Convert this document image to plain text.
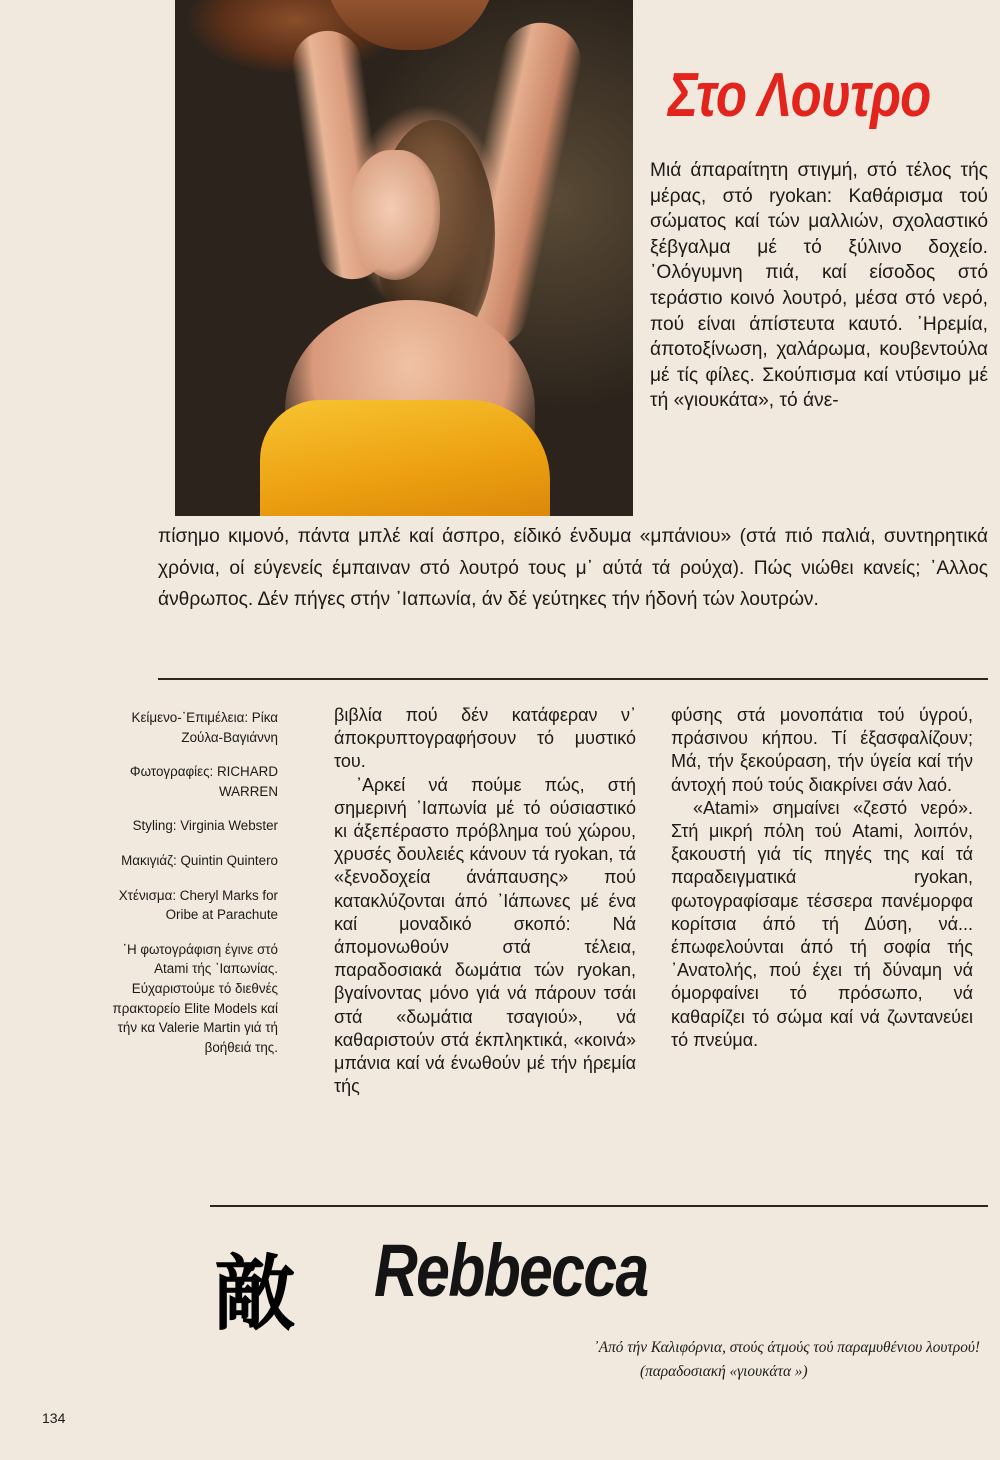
Στο Λουτρο

Μιά άπαραίτητη στιγμή, στό τέλος τής μέρας, στό ryokan: Καθάρισμα τού σώματος καί τών μαλλιών, σχολαστικό ξέβγαλμα μέ τό ξύλινο δοχείο. ᾿Ολόγυμνη πιά, καί είσοδος στό τεράστιο κοινό λουτρό, μέσα στό νερό, πού είναι άπίστευτα καυτό. ᾿Ηρεμία, άποτοξίνωση, χαλάρωμα, κουβεντούλα μέ τίς φίλες. Σκούπισμα καί ντύσιμο μέ τή «γιουκάτα», τό άνε-

πίσημο κιμονό, πάντα μπλέ καί άσπρο, είδικό ένδυμα «μπάνιου» (στά πιό παλιά, συντηρητικά χρόνια, οί εύγενείς έμπαιναν στό λουτρό τους μ᾿ αύτά τά ρούχα). Πώς νιώθει κανείς; ᾿Αλλος άνθρωπος. Δέν πήγες στήν ᾿Ιαπωνία, άν δέ γεύτηκες τήν ήδονή τών λουτρών.

Κείμενο-᾿Επιμέλεια: Ρίκα Ζούλα-Βαγιάννη

Φωτογραφίες: RICHARD WARREN

Styling: Virginia Webster

Μακιγιάζ: Quintin Quintero

Χτένισμα: Cheryl Marks for Oribe at Parachute

᾿Η φωτογράφιση έγινε στό Atami τής ᾿Ιαπωνίας. Εύχαριστούμε τό διεθνές πρακτορείο Elite Models καί τήν κα Valerie Martin γιά τή βοήθειά της.

βιβλία πού δέν κατάφεραν ν᾿ άποκρυπτογραφήσουν τό μυστικό του.

᾿Αρκεί νά πούμε πώς, στή σημερινή ᾿Ιαπωνία μέ τό ούσιαστικό κι άξεπέραστο πρόβλημα τού χώρου, χρυσές δουλειές κάνουν τά ryokan, τά «ξενοδοχεία άνάπαυσης» πού κατακλύζονται άπό ᾿Ιάπωνες μέ ένα καί μοναδικό σκοπό: Νά άπομονωθούν στά τέλεια, παραδοσιακά δωμάτια τών ryokan, βγαίνοντας μόνο γιά νά πάρουν τσάι στά «δωμάτια τσαγιού», νά καθαριστούν στά έκπληκτικά, «κοινά» μπάνια καί νά ένωθούν μέ τήν ήρεμία τής

φύσης στά μονοπάτια τού ύγρού, πράσινου κήπου. Τί έξασφαλίζουν; Μά, τήν ξεκούραση, τήν ύγεία καί τήν άντοχή πού τούς διακρίνει σάν λαό.

«Atami» σημαίνει «ζεστό νερό». Στή μικρή πόλη τού Atami, λοιπόν, ξακουστή γιά τίς πηγές της καί τά παραδειγματικά ryokan, φωτογραφίσαμε τέσσερα πανέμορφα κορίτσια άπό τή Δύση, νά... έπωφελούνται άπό τή σοφία τής ᾿Ανατολής, πού έχει τή δύναμη νά όμορφαίνει τό πρόσωπο, νά καθαρίζει τό σώμα καί νά ζωντανεύει τό πνεύμα.

敵 Rebbecca
᾿Από τήν Καλιφόρνια, στούς άτμούς τού παραμυθένιου λουτρού!
(παραδοσιακή «γιουκάτα »)
134
